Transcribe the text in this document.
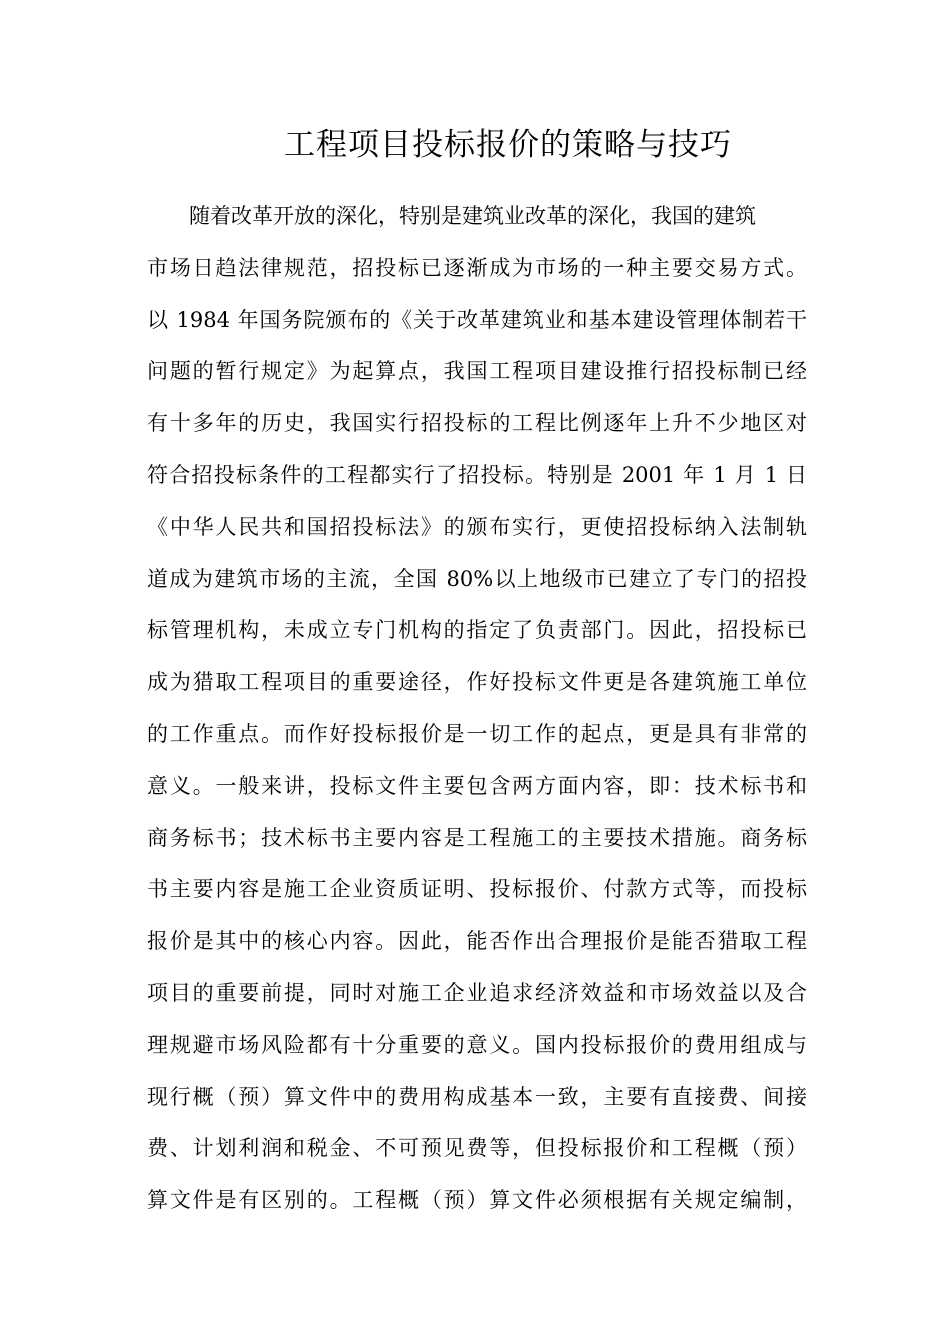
工程项目投标报价的策略与技巧
随着改革开放的深化，特别是建筑业改革的深化，我国的建筑
市场日趋法律规范，招投标已逐渐成为市场的一种主要交易方式。
以 1984 年国务院颁布的《关于改革建筑业和基本建设管理体制若干
问题的暂行规定》为起算点，我国工程项目建设推行招投标制已经
有十多年的历史，我国实行招投标的工程比例逐年上升不少地区对
符合招投标条件的工程都实行了招投标。特别是 2001 年 1 月 1 日
《中华人民共和国招投标法》的颁布实行，更使招投标纳入法制轨
道成为建筑市场的主流，全国 80%以上地级市已建立了专门的招投
标管理机构，未成立专门机构的指定了负责部门。因此，招投标已
成为猎取工程项目的重要途径，作好投标文件更是各建筑施工单位
的工作重点。而作好投标报价是一切工作的起点，更是具有非常的
意义。一般来讲，投标文件主要包含两方面内容，即：技术标书和
商务标书；技术标书主要内容是工程施工的主要技术措施。商务标
书主要内容是施工企业资质证明、投标报价、付款方式等，而投标
报价是其中的核心内容。因此，能否作出合理报价是能否猎取工程
项目的重要前提，同时对施工企业追求经济效益和市场效益以及合
理规避市场风险都有十分重要的意义。国内投标报价的费用组成与
现行概（预）算文件中的费用构成基本一致，主要有直接费、间接
费、计划利润和税金、不可预见费等，但投标报价和工程概（预）
算文件是有区别的。工程概（预）算文件必须根据有关规定编制，
